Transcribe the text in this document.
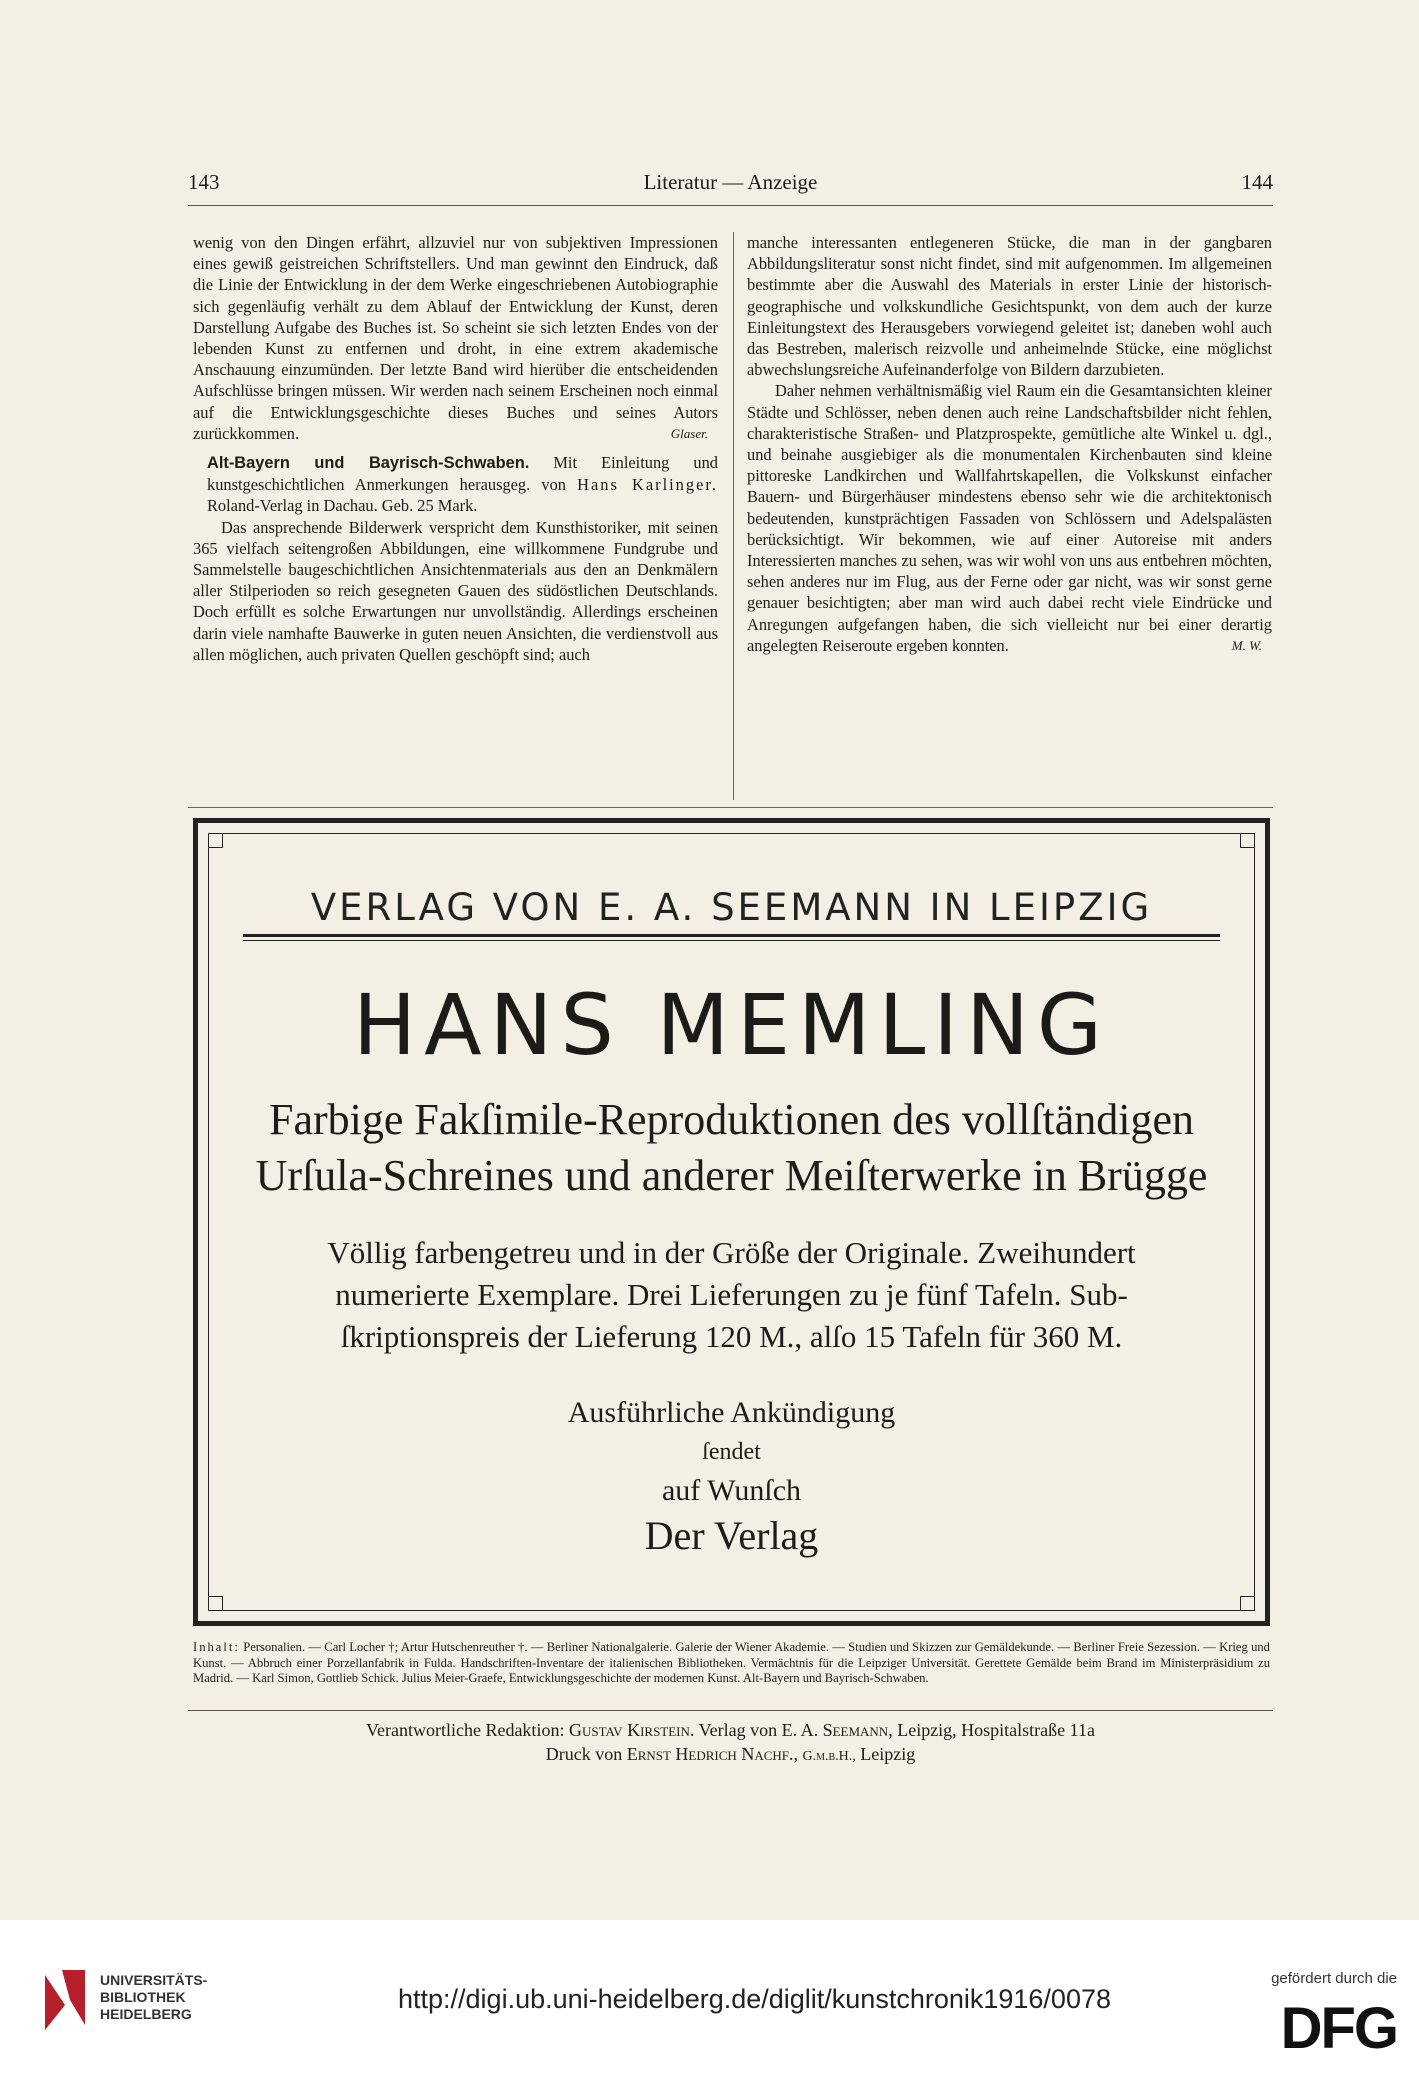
143	Literatur — Anzeige	144

wenig von den Dingen erfährt, allzuviel nur von subjektiven Impressionen eines gewiß geistreichen Schriftstellers. Und man gewinnt den Eindruck, daß die Linie der Entwicklung in der dem Werke eingeschriebenen Autobiographie sich gegenläufig verhält zu dem Ablauf der Entwicklung der Kunst, deren Darstellung Aufgabe des Buches ist. So scheint sie sich letzten Endes von der lebenden Kunst zu entfernen und droht, in eine extrem akademische Anschauung einzumünden. Der letzte Band wird hierüber die entscheidenden Aufschlüsse bringen müssen. Wir werden nach seinem Erscheinen noch einmal auf die Entwicklungsgeschichte dieses Buches und seines Autors zurückkommen.	Glaser.

Alt-Bayern und Bayrisch-Schwaben. Mit Einleitung und kunstgeschichtlichen Anmerkungen herausgeg. von Hans Karlinger. Roland-Verlag in Dachau. Geb. 25 Mark.

Das ansprechende Bilderwerk verspricht dem Kunsthistoriker, mit seinen 365 vielfach seitengroßen Abbildungen, eine willkommene Fundgrube und Sammelstelle baugeschichtlichen Ansichtenmaterials aus den an Denkmälern aller Stilperioden so reich gesegneten Gauen des südöstlichen Deutschlands. Doch erfüllt es solche Erwartungen nur unvollständig. Allerdings erscheinen darin viele namhafte Bauwerke in guten neuen Ansichten, die verdienstvoll aus allen möglichen, auch privaten Quellen geschöpft sind; auch

manche interessanten entlegeneren Stücke, die man in der gangbaren Abbildungsliteratur sonst nicht findet, sind mit aufgenommen. Im allgemeinen bestimmte aber die Auswahl des Materials in erster Linie der historisch-geographische und volkskundliche Gesichtspunkt, von dem auch der kurze Einleitungstext des Herausgebers vorwiegend geleitet ist; daneben wohl auch das Bestreben, malerisch reizvolle und anheimelnde Stücke, eine möglichst abwechslungsreiche Aufeinanderfolge von Bildern darzubieten.

Daher nehmen verhältnismäßig viel Raum ein die Gesamtansichten kleiner Städte und Schlösser, neben denen auch reine Landschaftsbilder nicht fehlen, charakteristische Straßen- und Platzprospekte, gemütliche alte Winkel u. dgl., und beinahe ausgiebiger als die monumentalen Kirchenbauten sind kleine pittoreske Landkirchen und Wallfahrtskapellen, die Volkskunst einfacher Bauern- und Bürgerhäuser mindestens ebenso sehr wie die architektonisch bedeutenden, kunstprächtigen Fassaden von Schlössern und Adelspalästen berücksichtigt. Wir bekommen, wie auf einer Autoreise mit anders Interessierten manches zu sehen, was wir wohl von uns aus entbehren möchten, sehen anderes nur im Flug, aus der Ferne oder gar nicht, was wir sonst gerne genauer besichtigten; aber man wird auch dabei recht viele Eindrücke und Anregungen aufgefangen haben, die sich vielleicht nur bei einer derartig angelegten Reiseroute ergeben konnten.	M. W.

VERLAG VON E. A. SEEMANN IN LEIPZIG
HANS MEMLING
Farbige Fakſimile-Reproduktionen des vollſtändigen
Urſula-Schreines und anderer Meiſterwerke in Brügge
Völlig farbengetreu und in der Größe der Originale. Zweihundert
numerierte Exemplare. Drei Lieferungen zu je fünf Tafeln. Sub-
ſkriptionspreis der Lieferung 120 M., alſo 15 Tafeln für 360 M.
Ausführliche Ankündigung
ſendet
auf Wunſch
Der Verlag
Inhalt: Personalien. — Carl Locher †; Artur Hutschenreuther †. — Berliner Nationalgalerie. Galerie der Wiener Akademie. — Studien und Skizzen zur Gemäldekunde. — Berliner Freie Sezession. — Krieg und Kunst. — Abbruch einer Porzellanfabrik in Fulda. Handschriften-Inventare der italienischen Bibliotheken. Vermächtnis für die Leipziger Universität. Gerettete Gemälde beim Brand im Ministerpräsidium zu Madrid. — Karl Simon, Gottlieb Schick. Julius Meier-Graefe, Entwicklungsgeschichte der modernen Kunst. Alt-Bayern und Bayrisch-Schwaben.
Verantwortliche Redaktion: Gustav Kirstein. Verlag von E. A. Seemann, Leipzig, Hospitalstraße 11a
Druck von Ernst Hedrich Nachf., G.m.b.H., Leipzig
UNIVERSITÄTS-
BIBLIOTHEK
HEIDELBERG	http://digi.ub.uni-heidelberg.de/diglit/kunstchronik1916/0078
gefördert durch die
DFG
